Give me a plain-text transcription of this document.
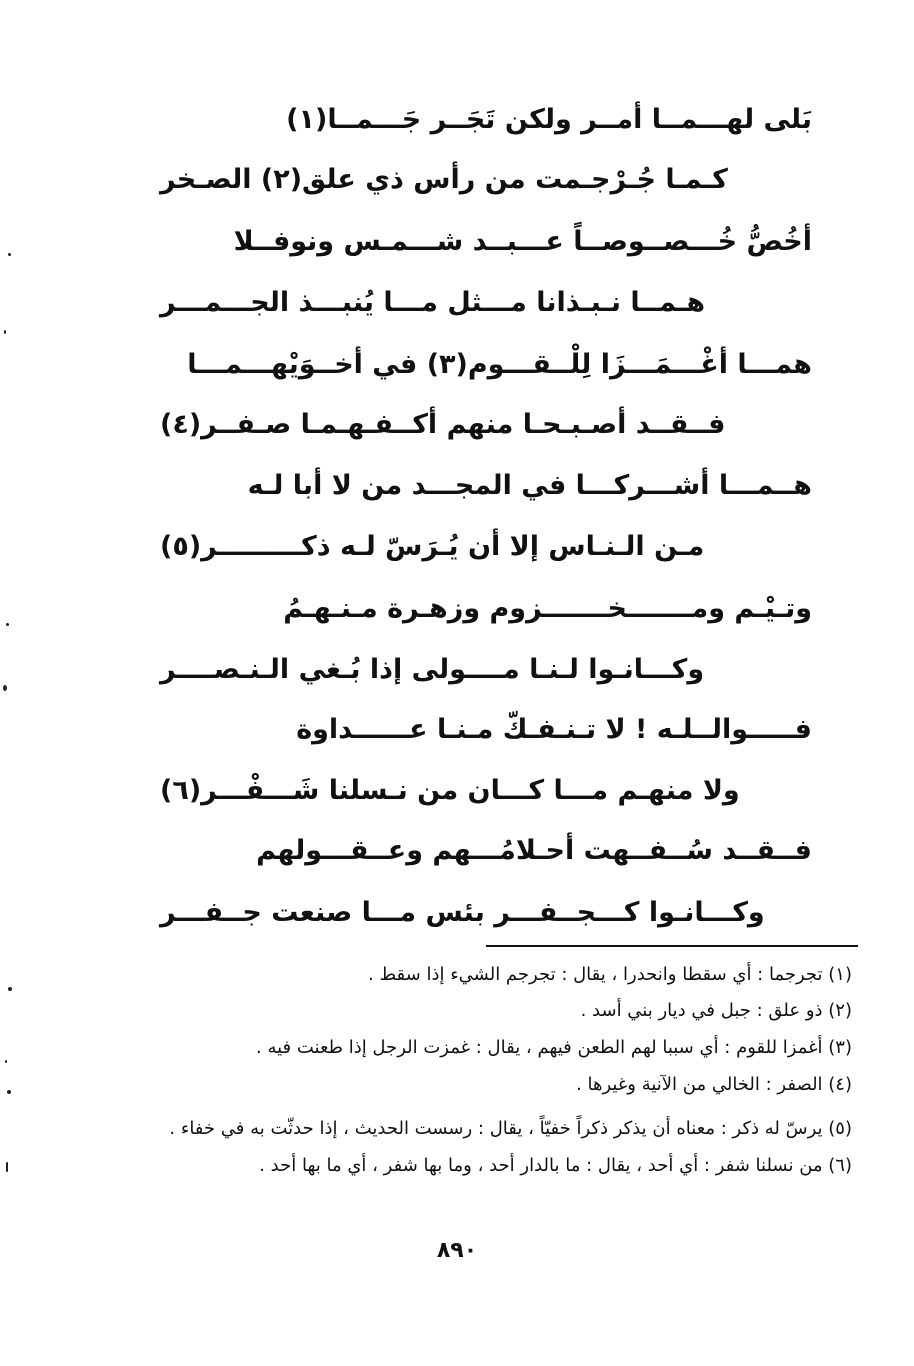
بَلى لهـــمــا أمــر ولكن تَجَــر جَـــمــا(١)
كـمـا جُـرْجـمت من رأس ذي علق(٢) الصـخر
أخُصُّ خُـــصــوصــاً عـــبــد شـــمـس ونوفــلا
هـمــا نـبـذانا مـــثل مـــا يُنبـــذ الجـــمـــر
همـــا أغْـــمَـــزَا لِلْــقـــوم(٣) في أخــوَيْهـــمـــا
فــقــد أصـبـحـا منهم أكــفـهـمـا صـفــر(٤)
هــمـــا أشـــركـــا في المجـــد من لا أبا لـه
مـن الـنـاس إلا أن يُـرَسّ لـه ذكـــــــــر(٥)
وتـيْـم ومـــــــخـــــــزوم وزهـرة مـنـهـمُ
وكـــانـوا لـنـا مــــولى إذا بُـغي الـنـصــــر
فـــــوالــلـه ! لا تـنـفـكّ مـنـا عــــــداوة
ولا منهـم مـــا كـــان من نـسلنا شَـــفْـــر(٦)
فــقــد سُــفــهت أحـلامُـــهم وعــقـــولهم
وكـــانـوا كـــجــفـــر بئس مـــا صنعت جــفـــر
(١) تجرجما : أي سقطا وانحدرا ، يقال : تجرجم الشيء إذا سقط .
(٢) ذو علق : جبل في ديار بني أسد .
(٣) أغمزا للقوم : أي سببا لهم الطعن فيهم ، يقال : غمزت الرجل إذا طعنت فيه .
(٤) الصفر : الخالي من الآنية وغيرها .
(٥) يرسّ له ذكر : معناه أن يذكر ذكراً خفيّاً ، يقال : رسست الحديث ، إذا حدثّت به في خفاء .
(٦) من نسلنا شفر : أي أحد ، يقال : ما بالدار أحد ، وما بها شفر ، أي ما بها أحد .
٨٩٠
